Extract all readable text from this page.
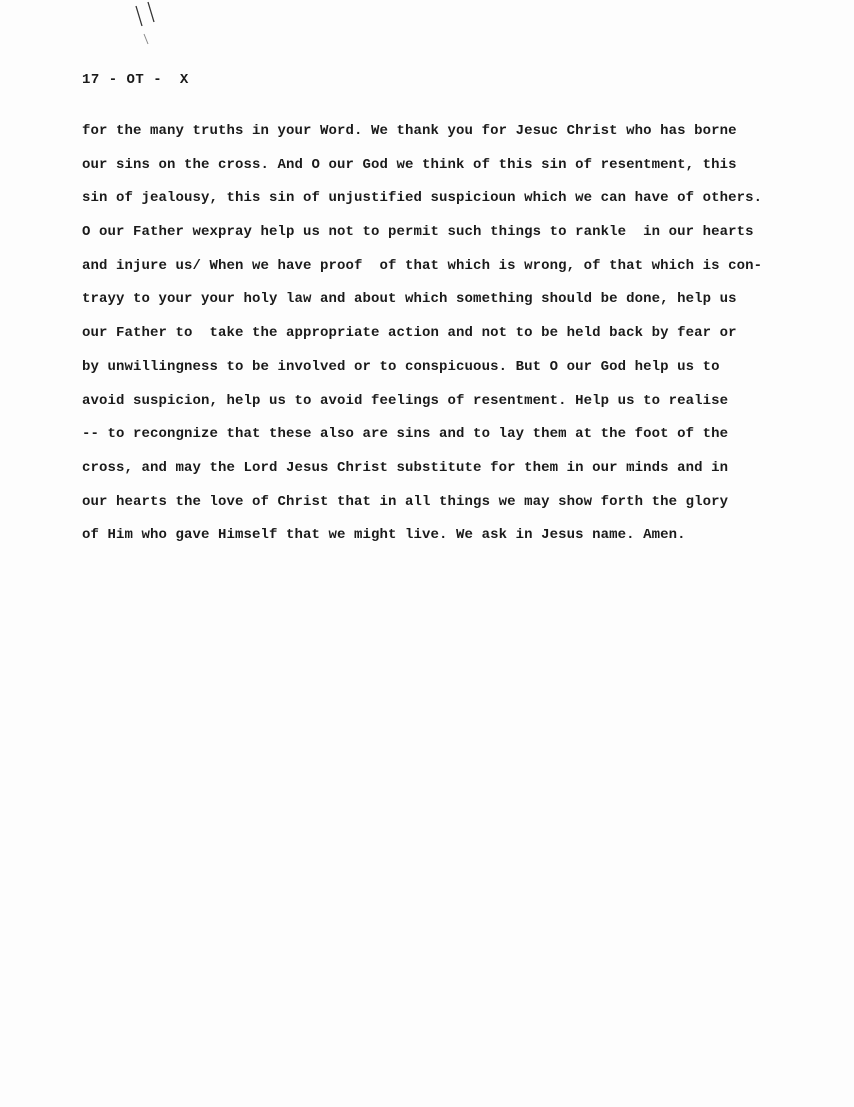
17 - OT -  X
for the many truths in your Word. We thank you for Jesuc Christ who has borne
our sins on the cross. And O our God we think of this sin of resentment, this
sin of jealousy, this sin of unjustified suspicioun which we can have of others.
O our Father wexpray help us not to permit such things to rankle  in our hearts
and injure us/ When we have proof  of that which is wrong, of that which is con-
trayy to your your holy law and about which something should be done, help us
our Father to  take the appropriate action and not to be held back by fear or
by unwillingness to be involved or to conspicuous. But O our God help us to
avoid suspicion, help us to avoid feelings of resentment. Help us to realise
-- to recongnize that these also are sins and to lay them at the foot of the
cross, and may the Lord Jesus Christ substitute for them in our minds and in
our hearts the love of Christ that in all things we may show forth the glory
of Him who gave Himself that we might live. We ask in Jesus name. Amen.
